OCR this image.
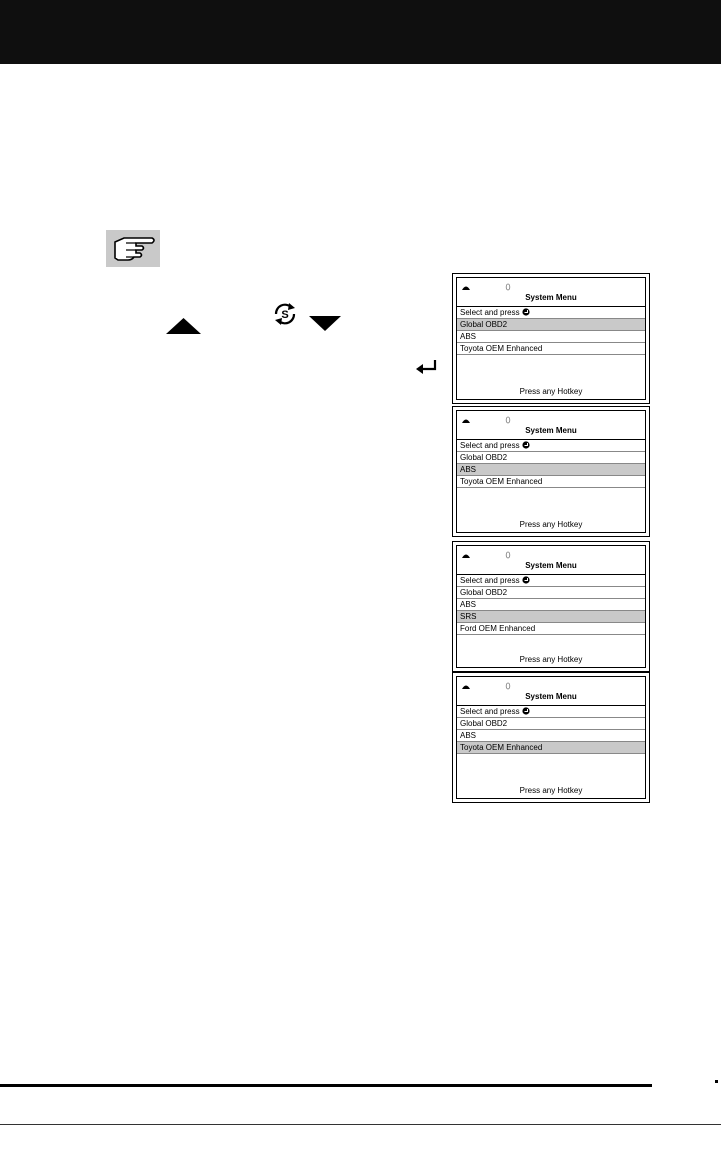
S
System Menu
Select and press
Global OBD2
ABS
Toyota OEM Enhanced
Press any Hotkey
System Menu
Select and press
Global OBD2
ABS
Toyota OEM Enhanced
Press any Hotkey
System Menu
Select and press
Global OBD2
ABS
SRS
Ford OEM Enhanced
Press any Hotkey
System Menu
Select and press
Global OBD2
ABS
Toyota OEM Enhanced
Press any Hotkey
